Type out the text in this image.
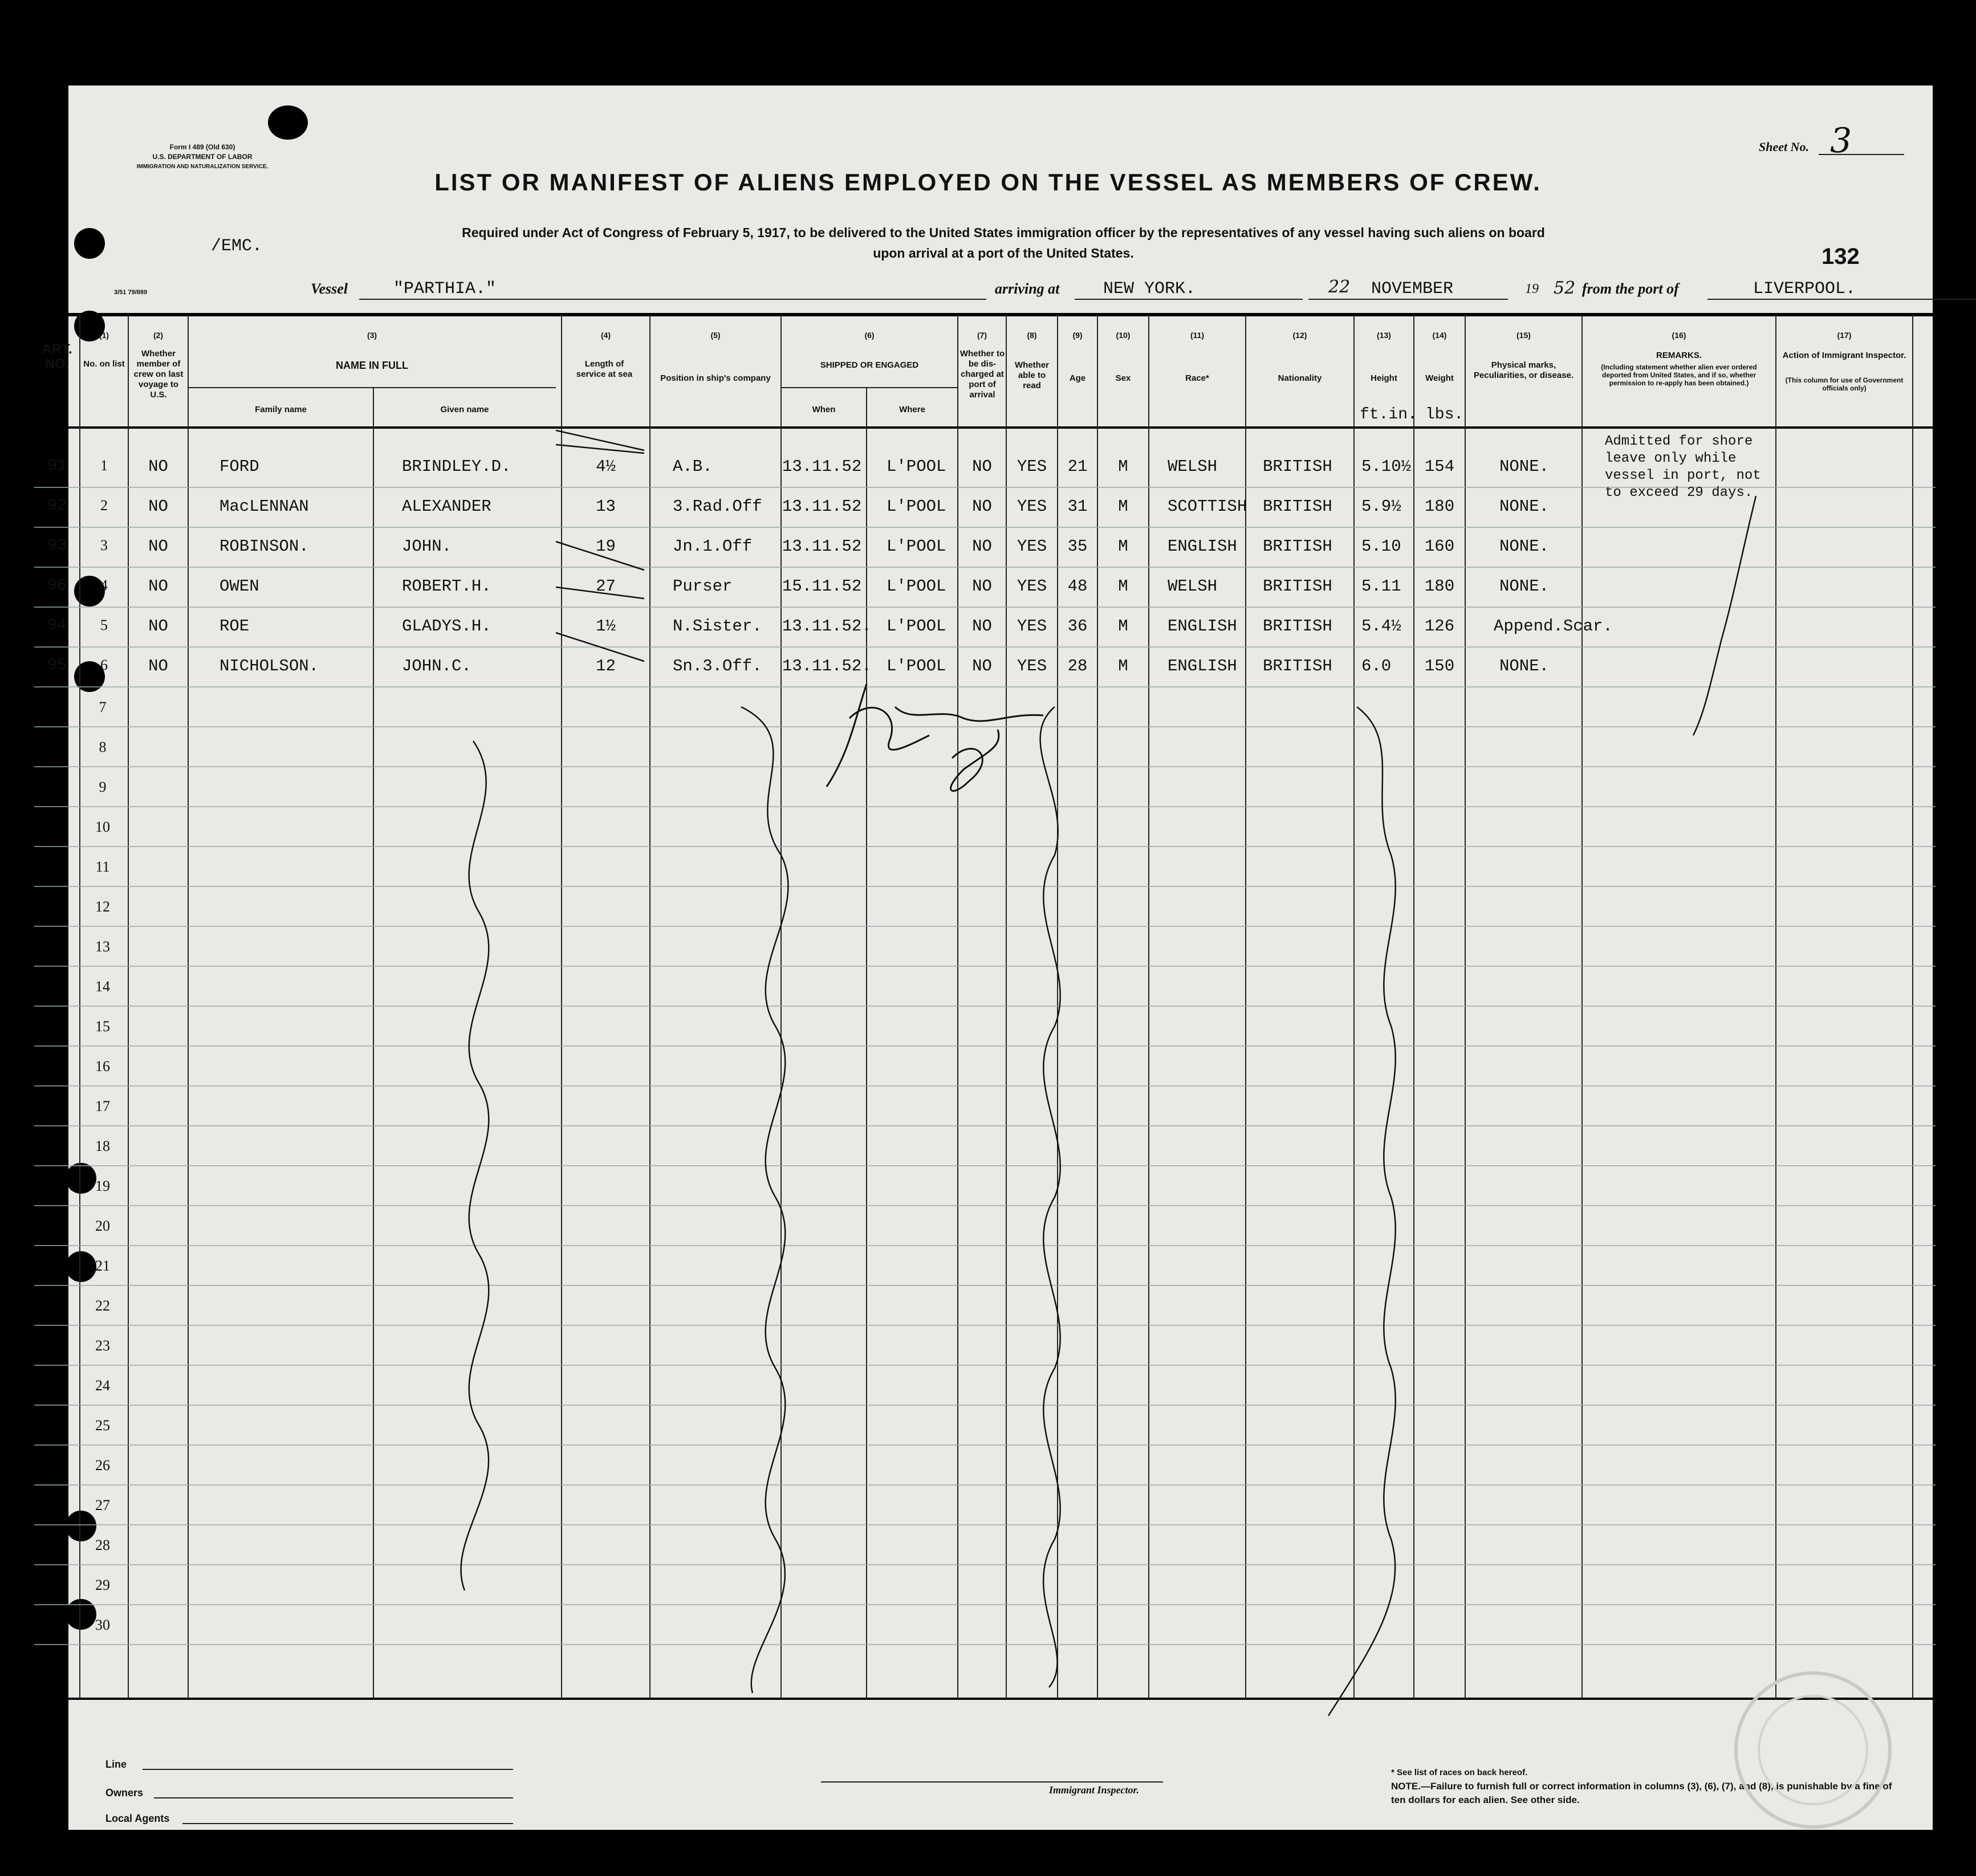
Form I 489 (Old 630)
U.S. DEPARTMENT OF LABOR
IMMIGRATION AND NATURALIZATION SERVICE.
3/51 79/889
/EMC.
Sheet No. 3
132
LIST OR MANIFEST OF ALIENS EMPLOYED ON THE VESSEL AS MEMBERS OF CREW.
Required under Act of Congress of February 5, 1917, to be delivered to the United States immigration officer by the representatives of any vessel having such aliens on board
upon arrival at a port of the United States.
Vessel	"PARTHIA."	arriving at	NEW YORK.	22 NOVEMBER	19 52 from the port of	LIVERPOOL.
ART. NO.
(1)
No. on list
(2)
Whether member of crew on last voyage to U.S.
(3)
NAME IN FULL
Family name	Given name
(4)
Length of service at sea
(5)
Position in ship's company
(6)
SHIPPED OR ENGAGED
When	Where
(7)
Whether to be dis-charged at port of arrival
(8)
Whether able to read
(9)
Age
(10)
Sex
(11)
Race*
(12)
Nationality
(13)
Height
ft.in.
(14)
Weight
lbs.
(15)
Physical marks, Peculiarities, or disease.
(16)
REMARKS.
(Including statement whether alien ever ordered deported from United States, and if so, whether permission to re-apply has been obtained.)
(17)
Action of Immigrant Inspector.
(This column for use of Government officials only)
91	1	NO	FORD	BRINDLEY.D.	4½	A.B.	13.11.52 L'POOL	NO	YES	21	M	WELSH	BRITISH 5.10½ 154	NONE.
92	2	NO	MacLENNAN	ALEXANDER	13	3.Rad.Off 13.11.52 L'POOL	NO	YES	31	M	SCOTTISH BRITISH 5.9½	180	NONE.
93	3	NO	ROBINSON.	JOHN.	19	Jn.1.Off 13.11.52 L'POOL	NO	YES	35	M	ENGLISH BRITISH 5.10	160	NONE.
96	4	NO	OWEN	ROBERT.H.	27	Purser	15.11.52 L'POOL	NO	YES	48	M	WELSH	BRITISH 5.11	180	NONE.
94	5	NO	ROE	GLADYS.H.	1½	N.Sister. 13.11.52. L'POOL	NO	YES	36	M	ENGLISH BRITISH 5.4½	126	Append.Scar.
95	6	NO	NICHOLSON.	JOHN.C.	12	Sn.3.Off. 13.11.52. L'POOL	NO	YES	28	M	ENGLISH BRITISH 6.0	150	NONE.
7
8
9
10
11
12
13
14
15
16
17
18
19
20
21
22
23
24
25
26
27
28
29
30
Admitted for shore leave only while vessel in port, not to exceed 29 days.
Line
Owners
Local Agents
Immigrant Inspector.
* See list of races on back hereof.
NOTE.—Failure to furnish full or correct information in columns (3), (6), (7), and (8), is punishable by a fine of ten dollars for each alien. See other side.
